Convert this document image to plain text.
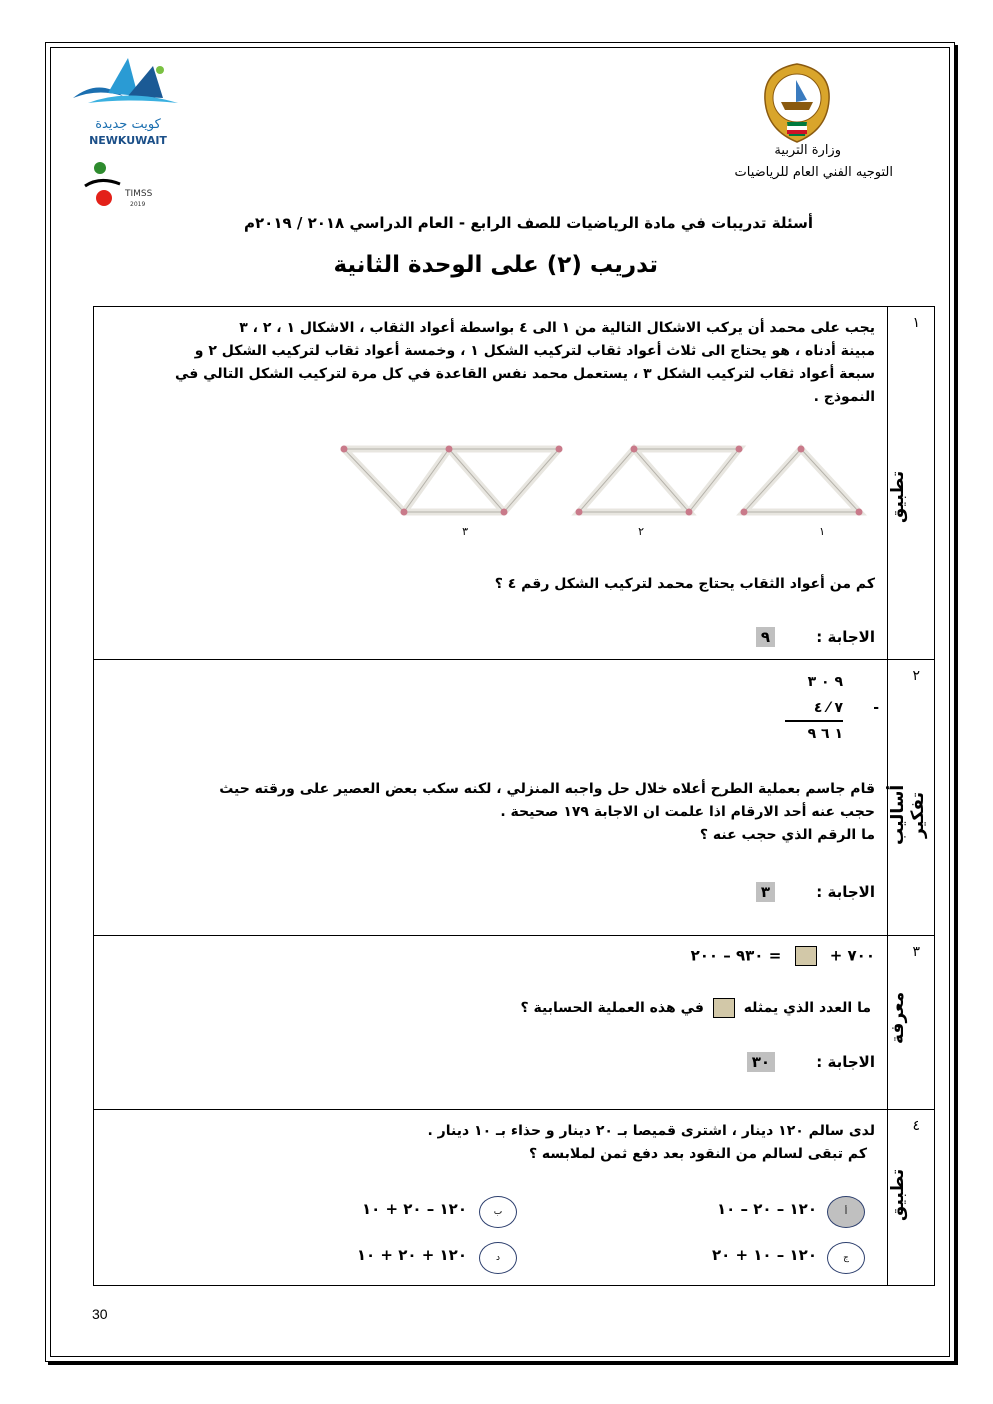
كويت جديدة
NEWKUWAIT
TIMSS
2019
وزارة التربية
التوجيه الفني العام للرياضيات
أسئلة تدريبات في مادة الرياضيات للصف الرابع - العام الدراسي ٢٠١٨ / ٢٠١٩م
تدريب (٢) على الوحدة الثانية
١
تطبيق
يجب على محمد أن يركب الاشكال التالية من ١ الى ٤ بواسطة أعواد الثقاب ، الاشكال ١ ، ٢ ، ٣
مبينة أدناه ، هو يحتاج الى ثلاث أعواد ثقاب لتركيب الشكل ١ ، وخمسة أعواد ثقاب لتركيب الشكل ٢ و
سبعة أعواد ثقاب لتركيب الشكل ٣ ، يستعمل محمد نفس القاعدة في كل مرة لتركيب الشكل التالي في
النموذج .
١
٢
٣
كم من أعواد الثقاب يحتاج محمد لتركيب الشكل رقم ٤ ؟
الاجابة : ٩
٢
أساليب تفكير
٩ ٠ ٣
٧ ⁄ ٤ -
١ ٦ ٩
قام جاسم بعملية الطرح أعلاه خلال حل واجبه المنزلي ، لكنه سكب بعض العصير على ورقته حيث
حجب عنه أحد الارقام اذا علمت ان الاجابة ١٧٩ صحيحة .
ما الرقم الذي حجب عنه ؟
الاجابة : ٣
٣
معرفة
٧٠٠ +  = ٩٣٠ – ٢٠٠
ما العدد الذي يمثله  في هذه العملية الحسابية ؟
الاجابة : ٣٠
٤
تطبيق
لدى سالم ١٢٠ دينار ، اشترى قميصا بـ ٢٠ دينار و حذاء بـ ١٠ دينار .
كم تبقى لسالم من النقود بعد دفع ثمن لملابسه ؟
أ
١٢٠ – ٢٠ – ١٠
ب
١٢٠ – ٢٠ + ١٠
ج
١٢٠ – ١٠ + ٢٠
د
١٢٠ + ٢٠ + ١٠
30
